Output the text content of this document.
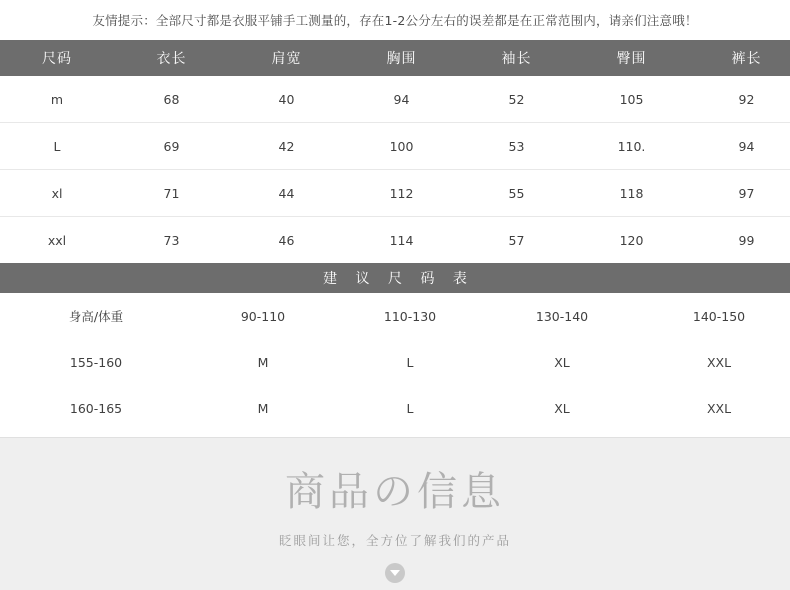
友情提示：全部尺寸都是衣服平铺手工测量的，存在1-2公分左右的误差都是在正常范围内，请亲们注意哦！
尺码	衣长	肩宽	胸围	袖长	臀围	裤长
m	68	40	94	52	105	92
L	69	42	100	53	110.	94
xl	71	44	112	55	118	97
xxl	73	46	114	57	120	99
建 议 尺 码 表
身高/体重	90-110	110-130	130-140	140-150
155-160	M	L	XL	XXL
160-165	M	L	XL	XXL

商品の信息
眨眼间让您，全方位了解我们的产品
